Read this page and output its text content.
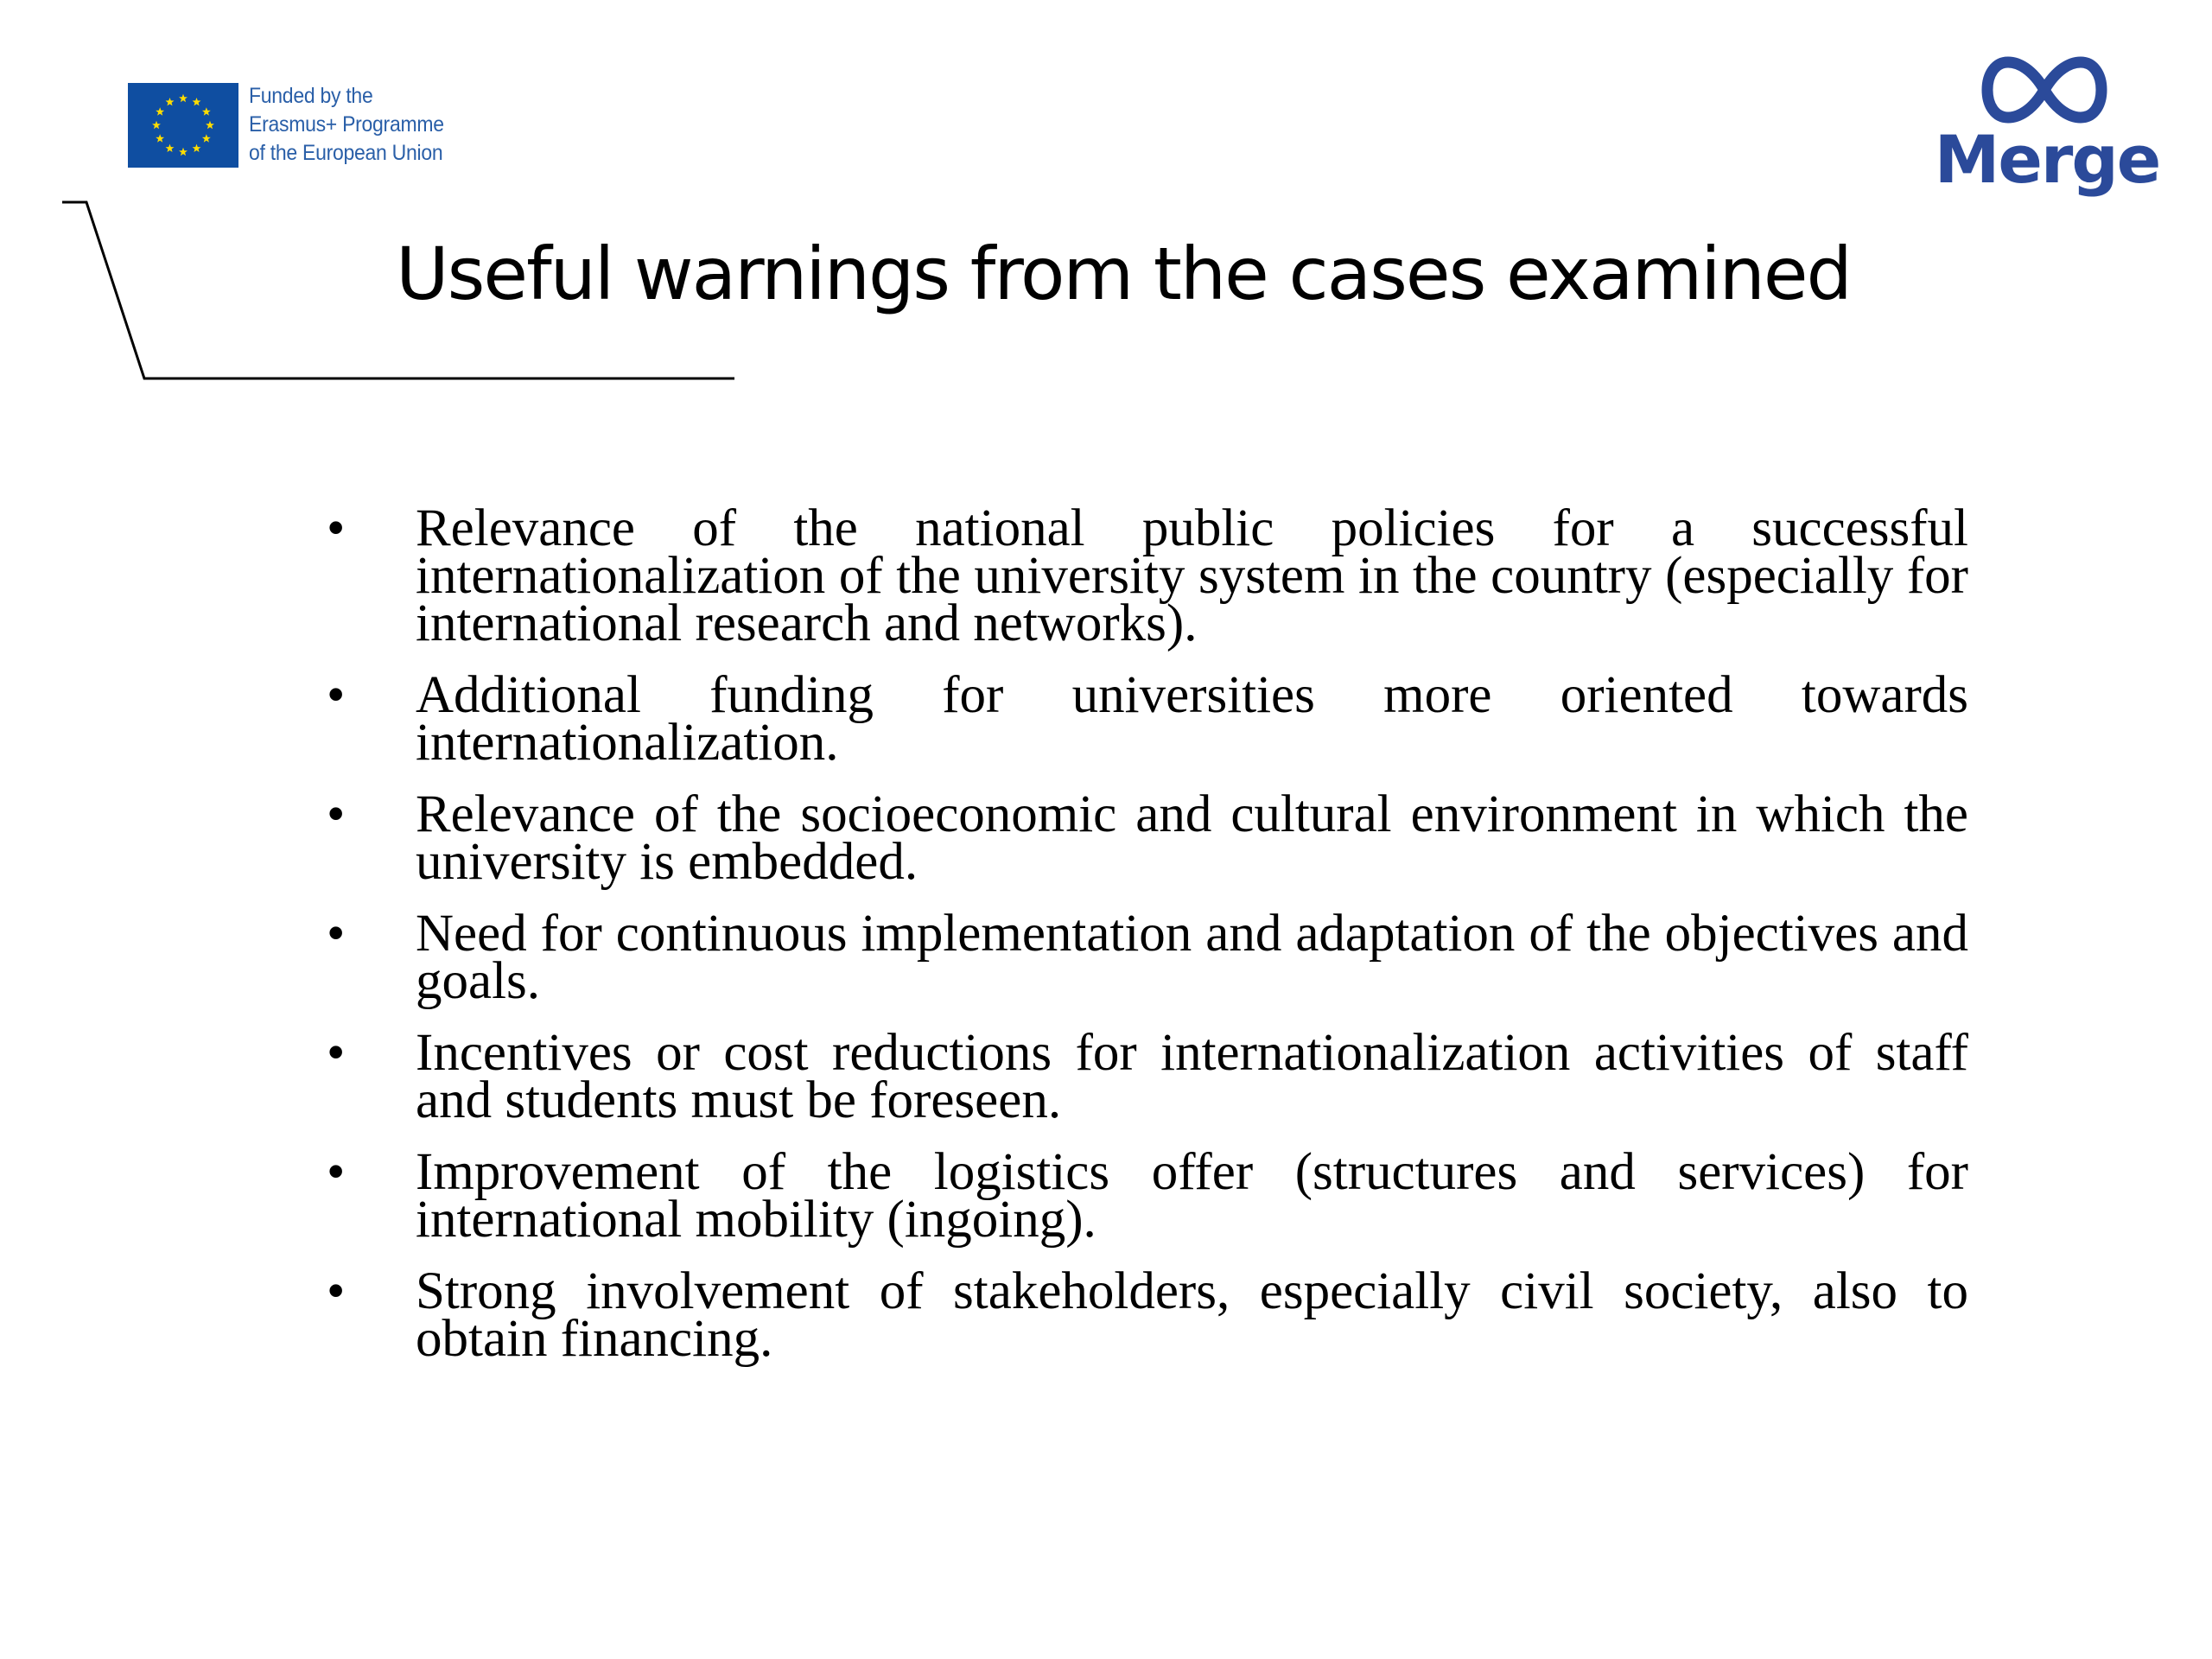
Funded by the
Erasmus+ Programme
of the European Union	Merge
Useful warnings from the cases examined
• Relevance of the national public policies for a successful internationalization of the university system in the country (especially for international research and networks).
• Additional funding for universities more oriented towards internationalization.
• Relevance of the socioeconomic and cultural environment in which the university is embedded.
• Need for continuous implementation and adaptation of the objectives and goals.
• Incentives or cost reductions for internationalization activities of staff and students must be foreseen.
• Improvement of the logistics offer (structures and services) for international mobility (ingoing).
• Strong involvement of stakeholders, especially civil society, also to obtain financing.
